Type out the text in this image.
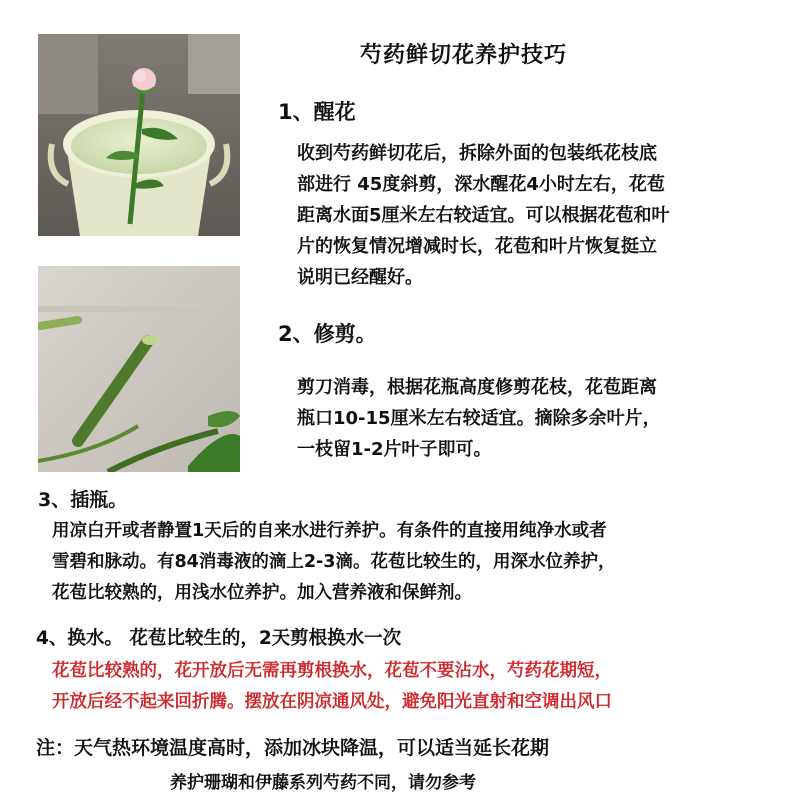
芍药鲜切花养护技巧
1、醒花
收到芍药鲜切花后，拆除外面的包装纸花枝底
部进行 45度斜剪，深水醒花4小时左右，花苞
距离水面5厘米左右较适宜。可以根据花苞和叶
片的恢复情况增减时长，花苞和叶片恢复挺立
说明已经醒好。
2、修剪。
剪刀消毒，根据花瓶高度修剪花枝，花苞距离
瓶口10-15厘米左右较适宜。摘除多余叶片，
一枝留1-2片叶子即可。
3、插瓶。
用凉白开或者静置1天后的自来水进行养护。有条件的直接用纯净水或者
雪碧和脉动。有84消毒液的滴上2-3滴。花苞比较生的，用深水位养护，
花苞比较熟的，用浅水位养护。加入营养液和保鲜剂。
4、换水。 花苞比较生的，2天剪根换水一次
花苞比较熟的，花开放后无需再剪根换水，花苞不要沾水，芍药花期短，
开放后经不起来回折腾。摆放在阴凉通风处，避免阳光直射和空调出风口
注：天气热环境温度高时，添加冰块降温，可以适当延长花期
养护珊瑚和伊藤系列芍药不同，请勿参考
